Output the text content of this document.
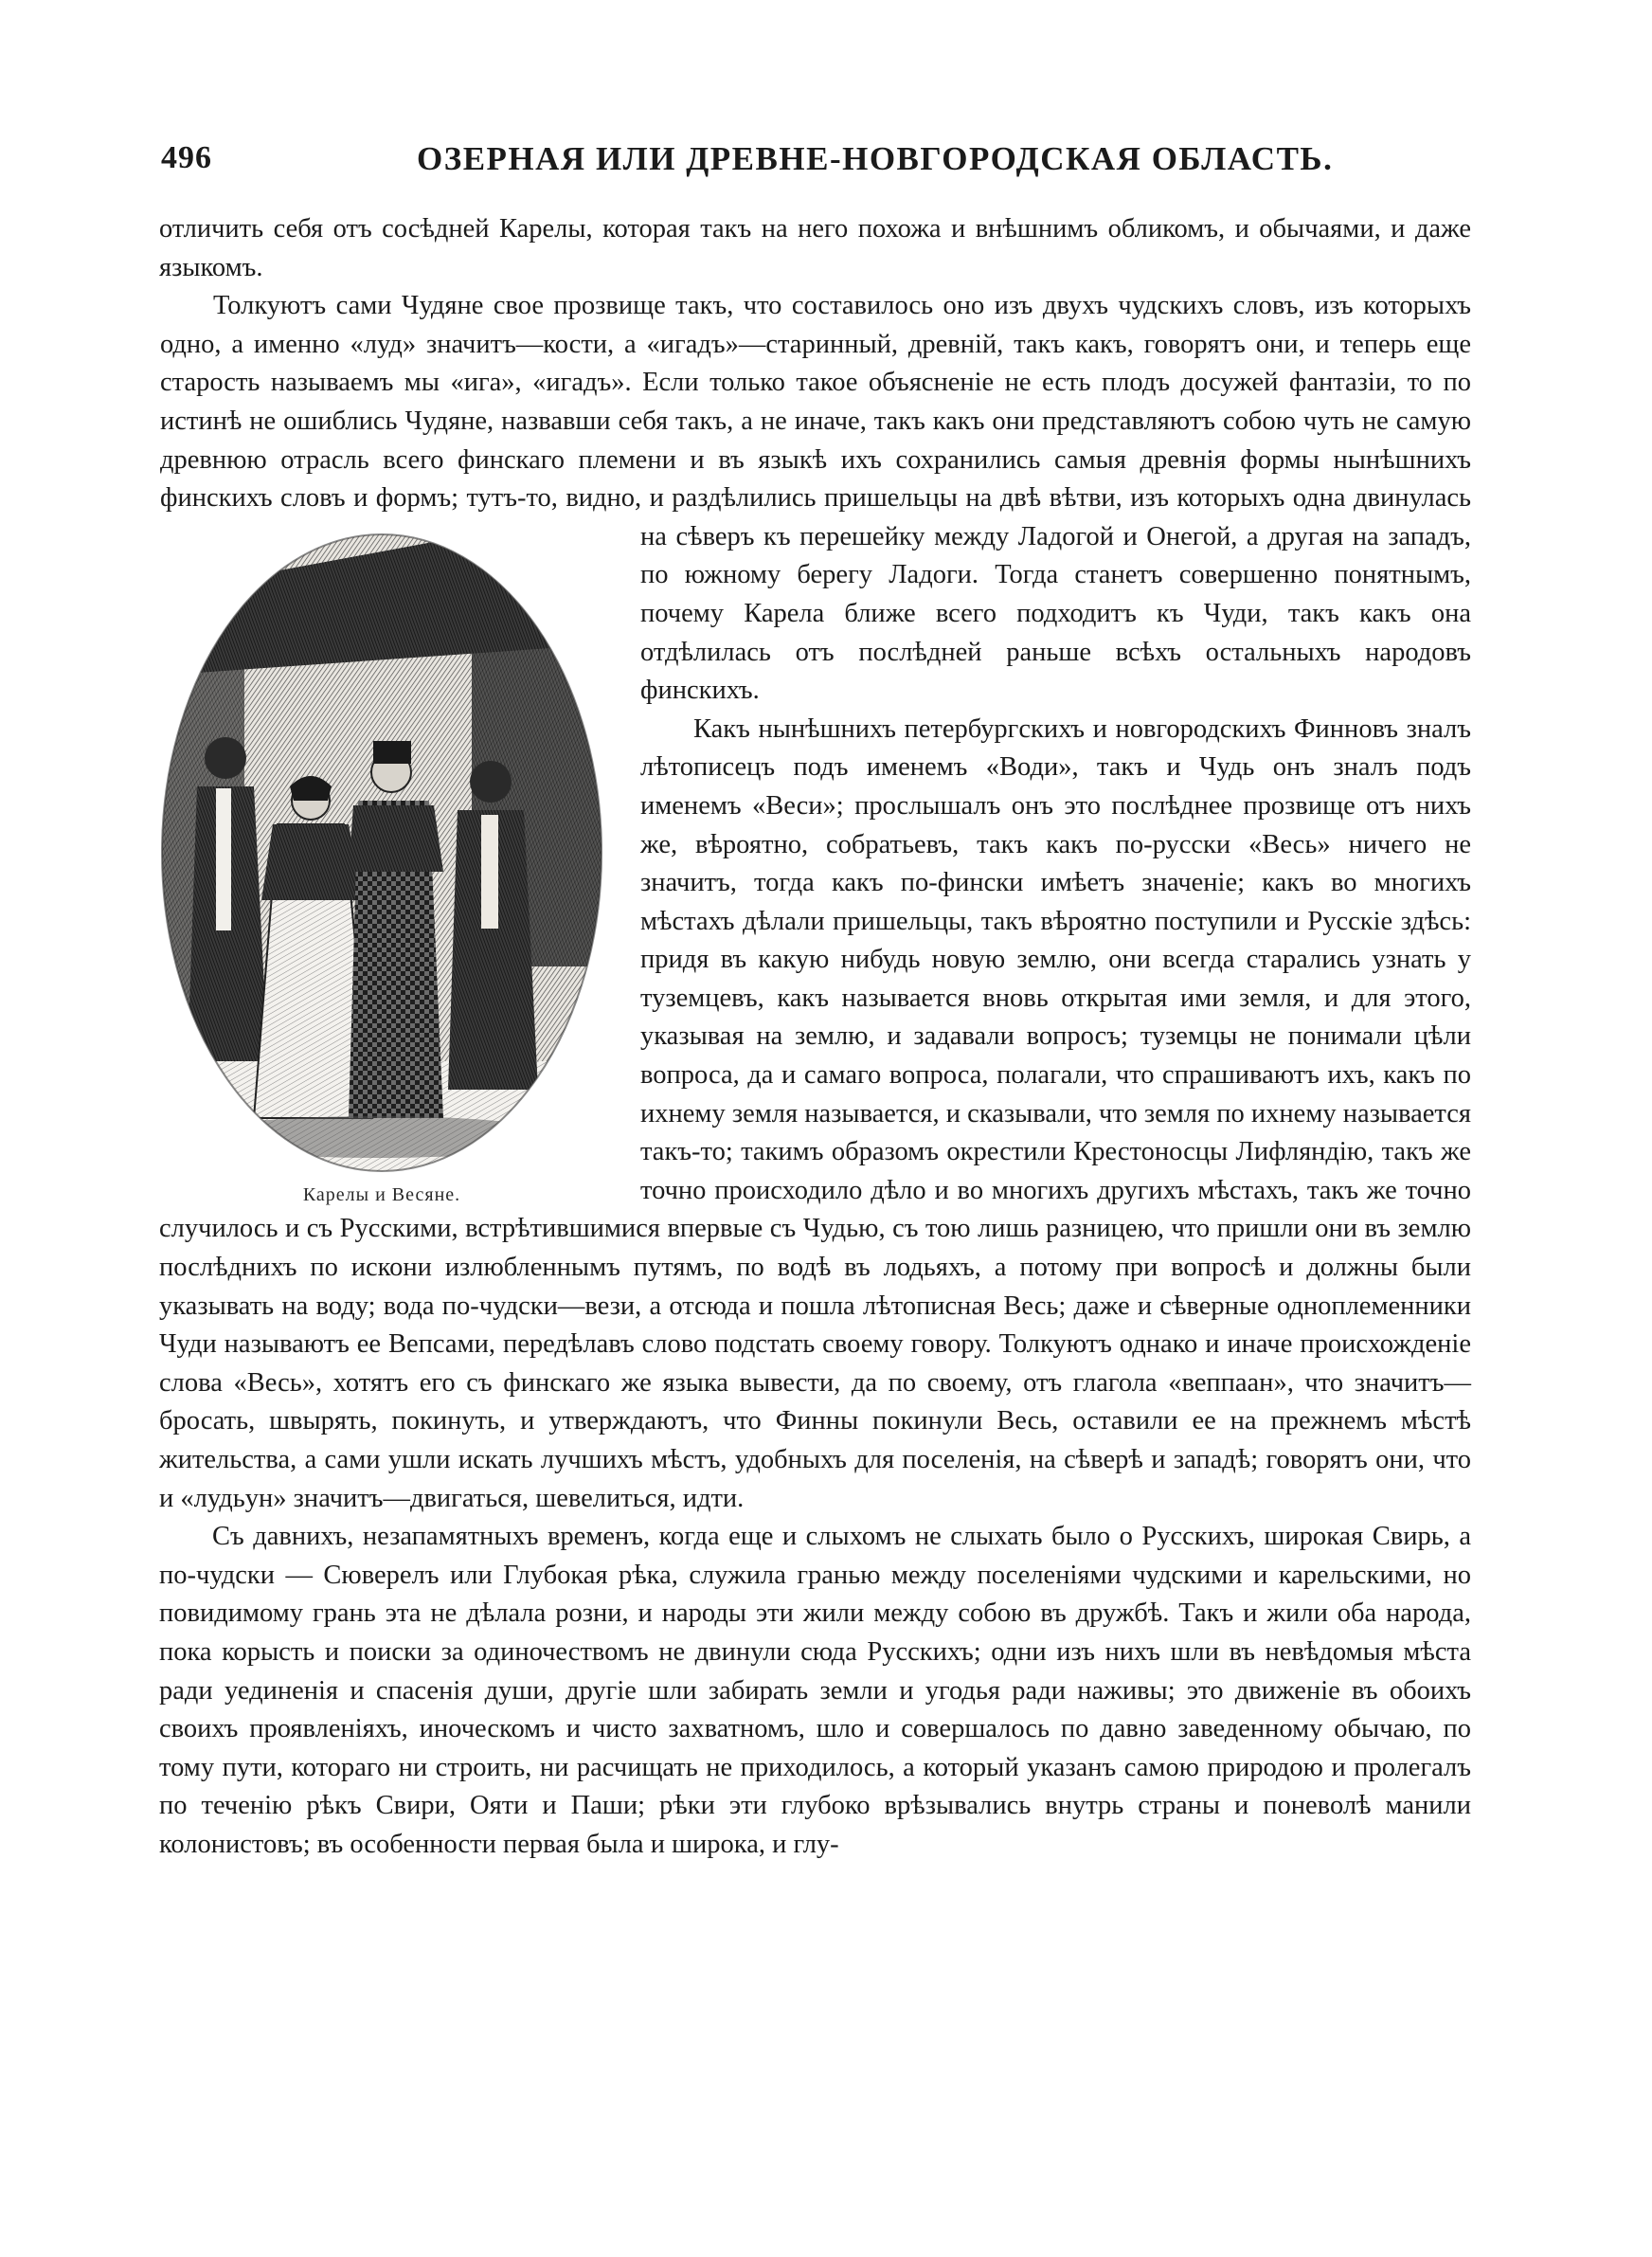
496	ОЗЕРНАЯ ИЛИ ДРЕВНЕ-НОВГОРОДСКАЯ ОБЛАСТЬ.

отличить себя отъ сосѣдней Карелы, которая такъ на него похожа и внѣшнимъ обликомъ, и обычаями, и даже языкомъ.

Толкуютъ сами Чудяне свое прозвище такъ, что составилось оно изъ двухъ чудскихъ словъ, изъ которыхъ одно, а именно «луд» значитъ—кости, а «игадъ»—старинный, древнiй, такъ какъ, говорятъ они, и теперь еще старость называемъ мы «ига», «игадъ». Если только такое объясненiе не есть плодъ досужей фантазiи, то по истинѣ не ошиблись Чудяне, назвавши себя такъ, а не иначе, такъ какъ они представляютъ собою чуть не самую древнюю отрасль всего финскаго племени и въ языкѣ ихъ сохранились самыя древнiя формы нынѣшнихъ финскихъ словъ и формъ; тутъ-то, видно, и раздѣлились пришельцы на двѣ вѣтви, изъ которыхъ одна двинулась на сѣверъ къ перешейку между Ладогой и Онегой, а другая на западъ, по южному берегу Ладоги. Тогда станетъ совершенно понятнымъ, почему Карела ближе всего подходитъ къ Чуди, такъ какъ она отдѣлилась отъ послѣдней раньше всѣхъ остальныхъ народовъ финскихъ.

Какъ нынѣшнихъ петербургскихъ и новгородскихъ Финновъ зналъ лѣтописецъ подъ именемъ «Води», такъ и Чудь онъ зналъ подъ именемъ «Веси»; прослышалъ онъ это послѣднее прозвище отъ нихъ же, вѣроятно, собратьевъ, такъ какъ по-русски «Весь» ничего не значитъ, тогда какъ по-фински имѣетъ значенiе; какъ во многихъ мѣстахъ дѣлали пришельцы, такъ вѣроятно поступили и Русскiе здѣсь: придя въ какую нибудь новую землю, они всегда старались узнать у туземцевъ, какъ называется вновь открытая ими земля, и для этого, указывая на землю, и задавали вопросъ; туземцы не понимали цѣли вопроса, да и самаго вопроса, полагали, что спрашиваютъ ихъ, какъ по ихнему земля называется, и сказывали, что земля по ихнему называется такъ-то; такимъ образомъ окрестили Крестоносцы Лифляндiю, такъ же точно происходило дѣло и во многихъ другихъ мѣстахъ, такъ же точно случилось и съ Русскими, встрѣтившимися впервые съ Чудью, съ тою лишь разницею, что пришли они въ землю послѣднихъ по искони излюбленнымъ путямъ, по водѣ въ лодьяхъ, а потому при вопросѣ и должны были указывать на воду; вода по-чудски—вези, а отсюда и пошла лѣтописная Весь; даже и сѣверные одноплеменники Чуди называютъ ее Вепсами, передѣлавъ слово подстать своему говору. Толкуютъ однако и иначе происхожденiе слова «Весь», хотятъ его съ финскаго же языка вывести, да по своему, отъ глагола «веппаан», что значитъ—бросать, швырять, покинуть, и утверждаютъ, что Финны покинули Весь, оставили ее на прежнемъ мѣстѣ жительства, а сами ушли искать лучшихъ мѣстъ, удобныхъ для поселенiя, на сѣверѣ и западѣ; говорятъ они, что и «лудьун» значитъ—двигаться, шевелиться, идти.

Съ давнихъ, незапамятныхъ временъ, когда еще и слыхомъ не слыхать было о Русскихъ, широкая Свирь, а по-чудски — Сюверелъ или Глубокая рѣка, служила гранью между поселенiями чудскими и карельскими, но повидимому грань эта не дѣлала розни, и народы эти жили между собою въ дружбѣ. Такъ и жили оба народа, пока корысть и поиски за одиночествомъ не двинули сюда Русскихъ; одни изъ нихъ шли въ невѣдомыя мѣста ради уединенiя и спасенiя души, другiе шли забирать земли и угодья ради наживы; это движенiе въ обоихъ своихъ проявленiяхъ, иноческомъ и чисто захватномъ, шло и совершалось по давно заведенному обычаю, по тому пути, котораго ни строить, ни расчищать не приходилось, а который указанъ самою природою и пролегалъ по теченiю рѣкъ Свири, Ояти и Паши; рѣки эти глубоко врѣзывались внутрь страны и поневолѣ манили колонистовъ; въ особенности первая была и широка, и глу-

Карелы и Весяне.
